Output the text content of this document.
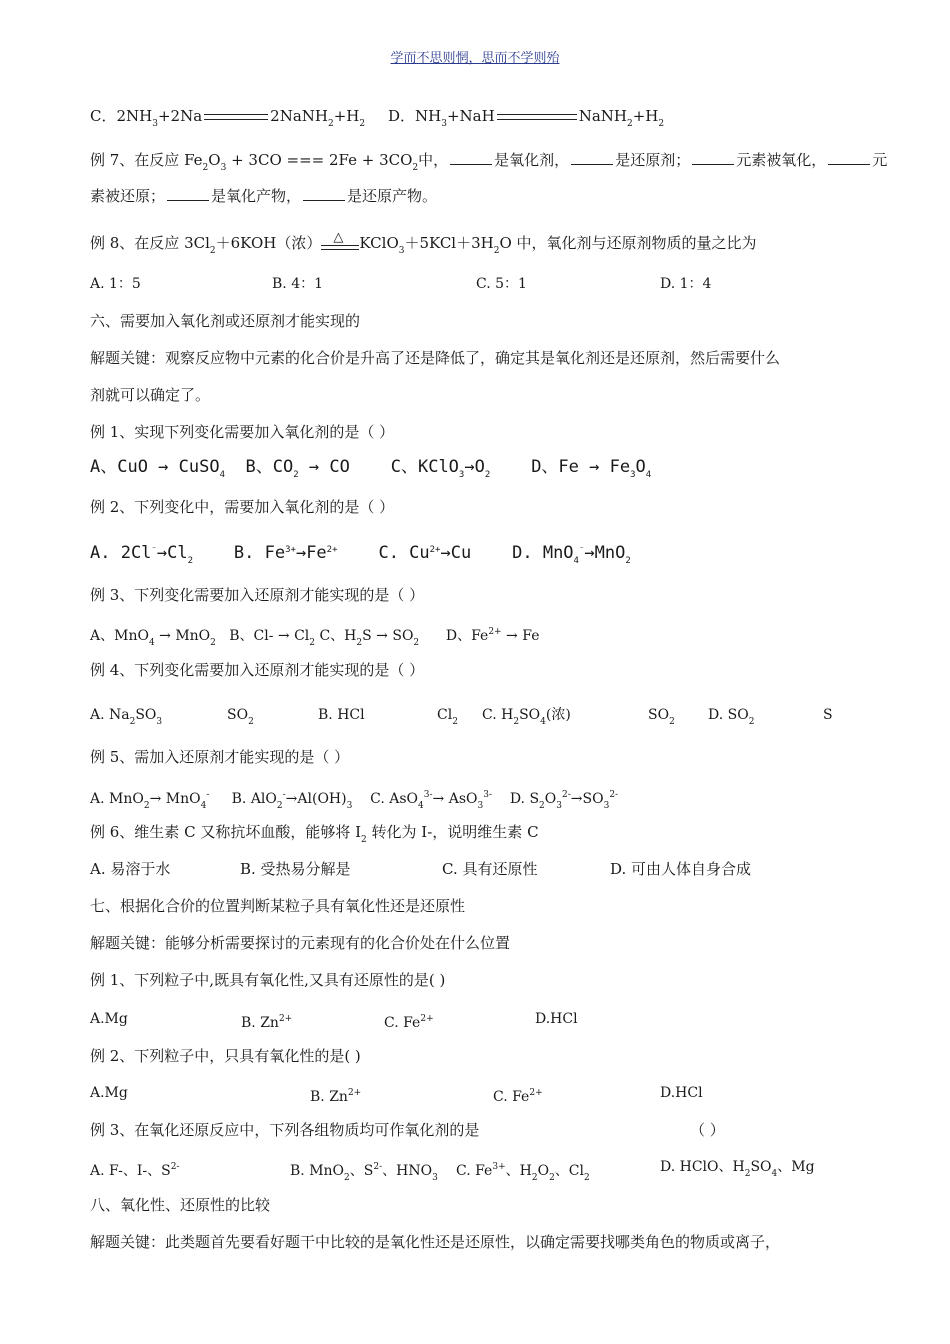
学而不思则惘，思而不学则殆
C．$2NH_3+2Na$	$2NaNH_2+H_2$ D．$NH_3+NaH$	$NaNH_2+H_2$
例 7、在反应 $Fe_2O_3 + 3CO$ === $2Fe + 3CO_2$中，	是氧化剂，	是还原剂；	元素被氧化，	元
素被还原；	是氧化产物，	是还原产物。
例 8、在反应 $3Cl_2+6KOH$（浓） △ $KClO_3+5KCl+3H_2O$ 中，氧化剂与还原剂物质的量之比为
A. 1：5	B. 4：1	C. 5：1	D. 1：4
六、需要加入氧化剂或还原剂才能实现的
解题关键：观察反应物中元素的化合价是升高了还是降低了，确定其是氧化剂还是还原剂，然后需要什么
剂就可以确定了。
例 1、实现下列变化需要加入氧化剂的是（ ）
A、CuO → CuSO$_4$  B、$CO_2$ → CO    C、$KClO_3\to O_2$    D、$Fe \to Fe_3O_4$
例 2、下列变化中，需要加入氧化剂的是（ ）
A. $2Cl^{^-}\to Cl_2$    B. $Fe^{3+}\to Fe^{2+}$    C. $Cu^{2+}\to Cu$    D. MnO$_4$⁻→MnO$_2$
例 3、下列变化需要加入还原剂才能实现的是（ ）
A、MnO$_4$ → MnO$_2$   B、$Cl- \to Cl_2$ C、$H_2S \to SO_2$      D、$Fe^{2+} \to Fe$
例 4、下列变化需要加入还原剂才能实现的是（ ）
A. $Na_2SO_3$	$SO_2$	B. HCl	$Cl_2$ C. $H_2SO_4$(浓)	$SO_2$ D. $SO_2$	S
例 5、需加入还原剂才能实现的是（ ）
A. MnO$_2$→ MnO$_4$-     B. $AlO_2^-\to Al(OH)_3$    C. AsO$_4^{3-}$→ AsO$_3^{3-}$    D. $S_2O_3^{2-}\to SO_3^{2-}$
例 6、维生素 C 又称抗坏血酸，能够将 $I_2$ 转化为 I-，说明维生素 C
A. 易溶于水	B. 受热易分解是	C. 具有还原性	D. 可由人体自身合成
七、根据化合价的位置判断某粒子具有氧化性还是还原性
解题关键：能够分析需要探讨的元素现有的化合价处在什么位置
例 1、下列粒子中,既具有氧化性,又具有还原性的是( )
A.Mg	B. $Zn^{2+}$	C. $Fe^{2+}$	D.HCl
例 2、下列粒子中，只具有氧化性的是( )
A.Mg	B. $Zn^{2+}$	C. $Fe^{2+}$	D.HCl
例 3、在氧化还原反应中，下列各组物质均可作氧化剂的是	（ ）
A. F-、I-、$S^{2-}$	B. MnO$_2$、$S^{2-}$、$HNO_3$ C. $Fe^{3+}$、$H_2O_2$、$Cl_2$
D. HClO、$H_2SO_4$、Mg
八、氧化性、还原性的比较
解题关键：此类题首先要看好题干中比较的是氧化性还是还原性，以确定需要找哪类角色的物质或离子，
